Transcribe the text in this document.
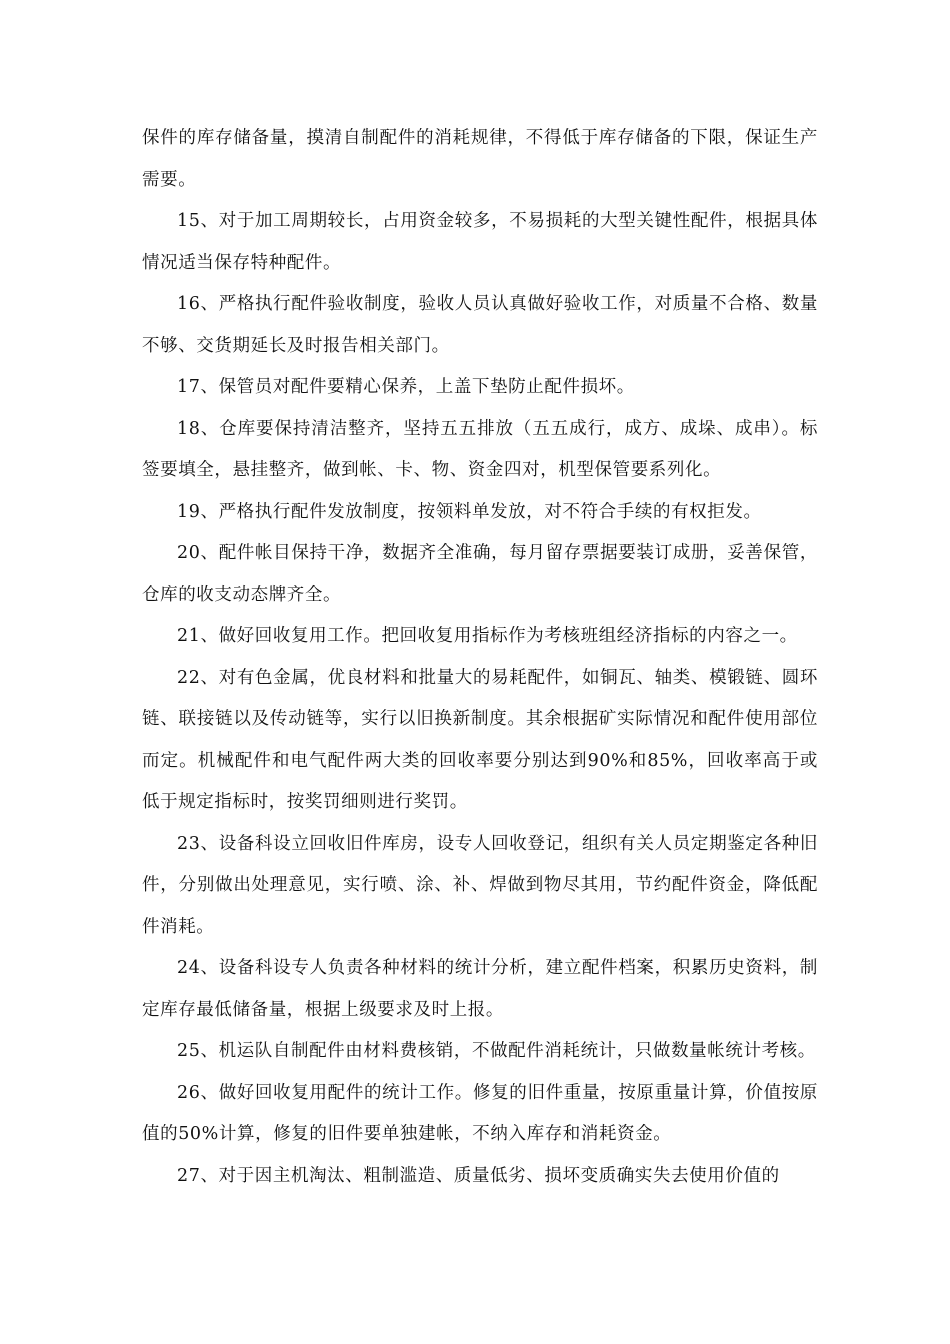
保件的库存储备量，摸清自制配件的消耗规律，不得低于库存储备的下限，保证生产需要。

15、对于加工周期较长，占用资金较多，不易损耗的大型关键性配件，根据具体情况适当保存特种配件。

16、严格执行配件验收制度，验收人员认真做好验收工作，对质量不合格、数量不够、交货期延长及时报告相关部门。

17、保管员对配件要精心保养，上盖下垫防止配件损坏。

18、仓库要保持清洁整齐，坚持五五排放（五五成行，成方、成垛、成串）。标签要填全，悬挂整齐，做到帐、卡、物、资金四对，机型保管要系列化。

19、严格执行配件发放制度，按领料单发放，对不符合手续的有权拒发。

20、配件帐目保持干净，数据齐全准确，每月留存票据要装订成册，妥善保管，仓库的收支动态牌齐全。

21、做好回收复用工作。把回收复用指标作为考核班组经济指标的内容之一。

22、对有色金属，优良材料和批量大的易耗配件，如铜瓦、轴类、模锻链、圆环链、联接链以及传动链等，实行以旧换新制度。其余根据矿实际情况和配件使用部位而定。机械配件和电气配件两大类的回收率要分别达到90%和85%，回收率高于或低于规定指标时，按奖罚细则进行奖罚。

23、设备科设立回收旧件库房，设专人回收登记，组织有关人员定期鉴定各种旧件，分别做出处理意见，实行喷、涂、补、焊做到物尽其用，节约配件资金，降低配件消耗。

24、设备科设专人负责各种材料的统计分析，建立配件档案，积累历史资料，制定库存最低储备量，根据上级要求及时上报。

25、机运队自制配件由材料费核销，不做配件消耗统计，只做数量帐统计考核。

26、做好回收复用配件的统计工作。修复的旧件重量，按原重量计算，价值按原值的50%计算，修复的旧件要单独建帐，不纳入库存和消耗资金。

27、对于因主机淘汰、粗制滥造、质量低劣、损坏变质确实失去使用价值的
